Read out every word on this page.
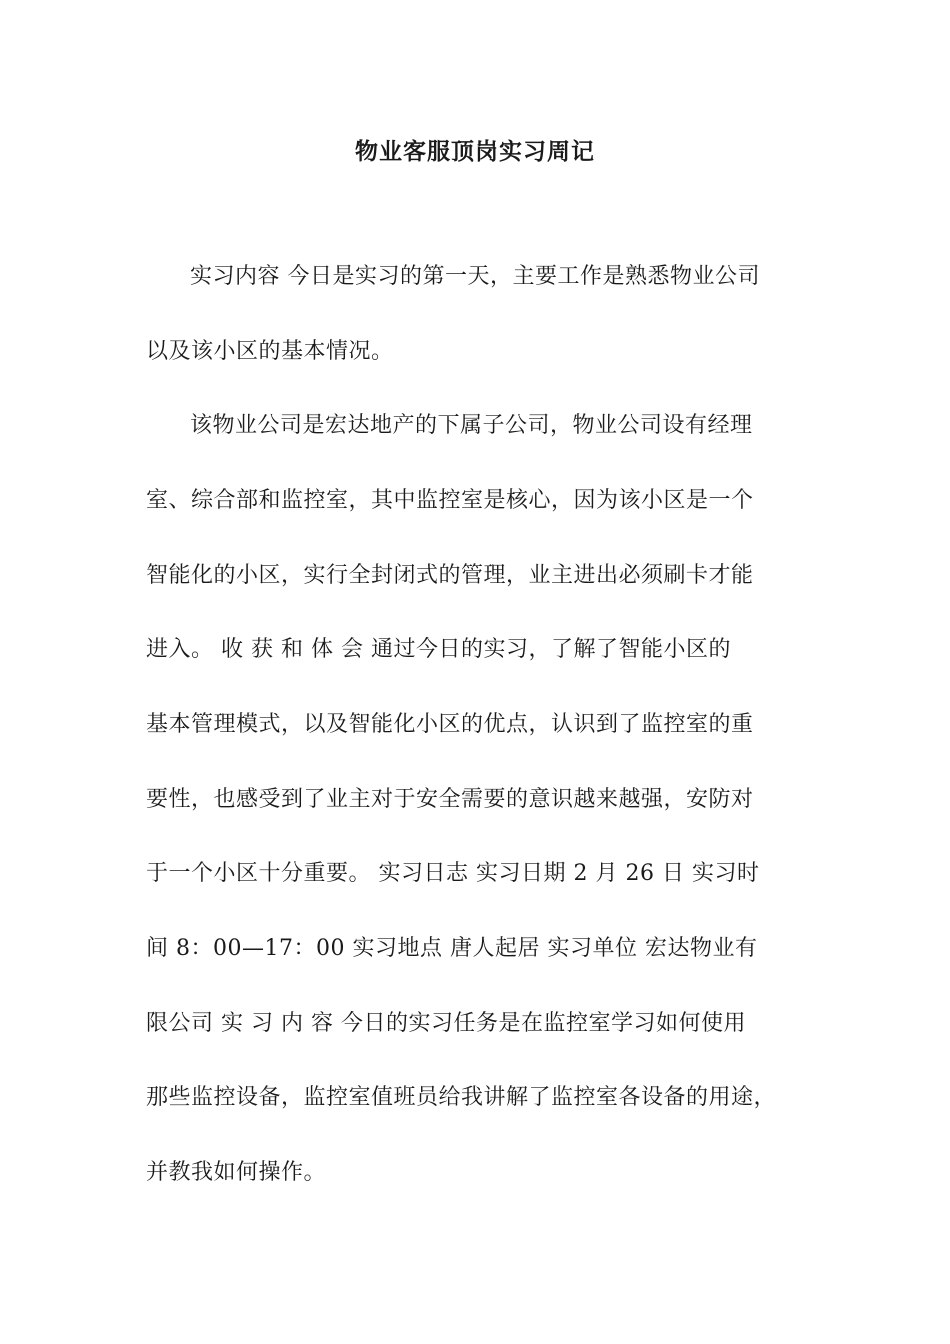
物业客服顶岗实习周记
实习内容 今日是实习的第一天，主要工作是熟悉物业公司
以及该小区的基本情况。
该物业公司是宏达地产的下属子公司，物业公司设有经理
室、综合部和监控室，其中监控室是核心，因为该小区是一个
智能化的小区，实行全封闭式的管理，业主进出必须刷卡才能
进入。 收 获 和 体 会 通过今日的实习，了解了智能小区的
基本管理模式，以及智能化小区的优点，认识到了监控室的重
要性，也感受到了业主对于安全需要的意识越来越强，安防对
于一个小区十分重要。 实习日志 实习日期 2 月 26 日 实习时
间 8：00—17：00 实习地点 唐人起居 实习单位 宏达物业有
限公司 实 习 内 容 今日的实习任务是在监控室学习如何使用
那些监控设备，监控室值班员给我讲解了监控室各设备的用途，
并教我如何操作。
